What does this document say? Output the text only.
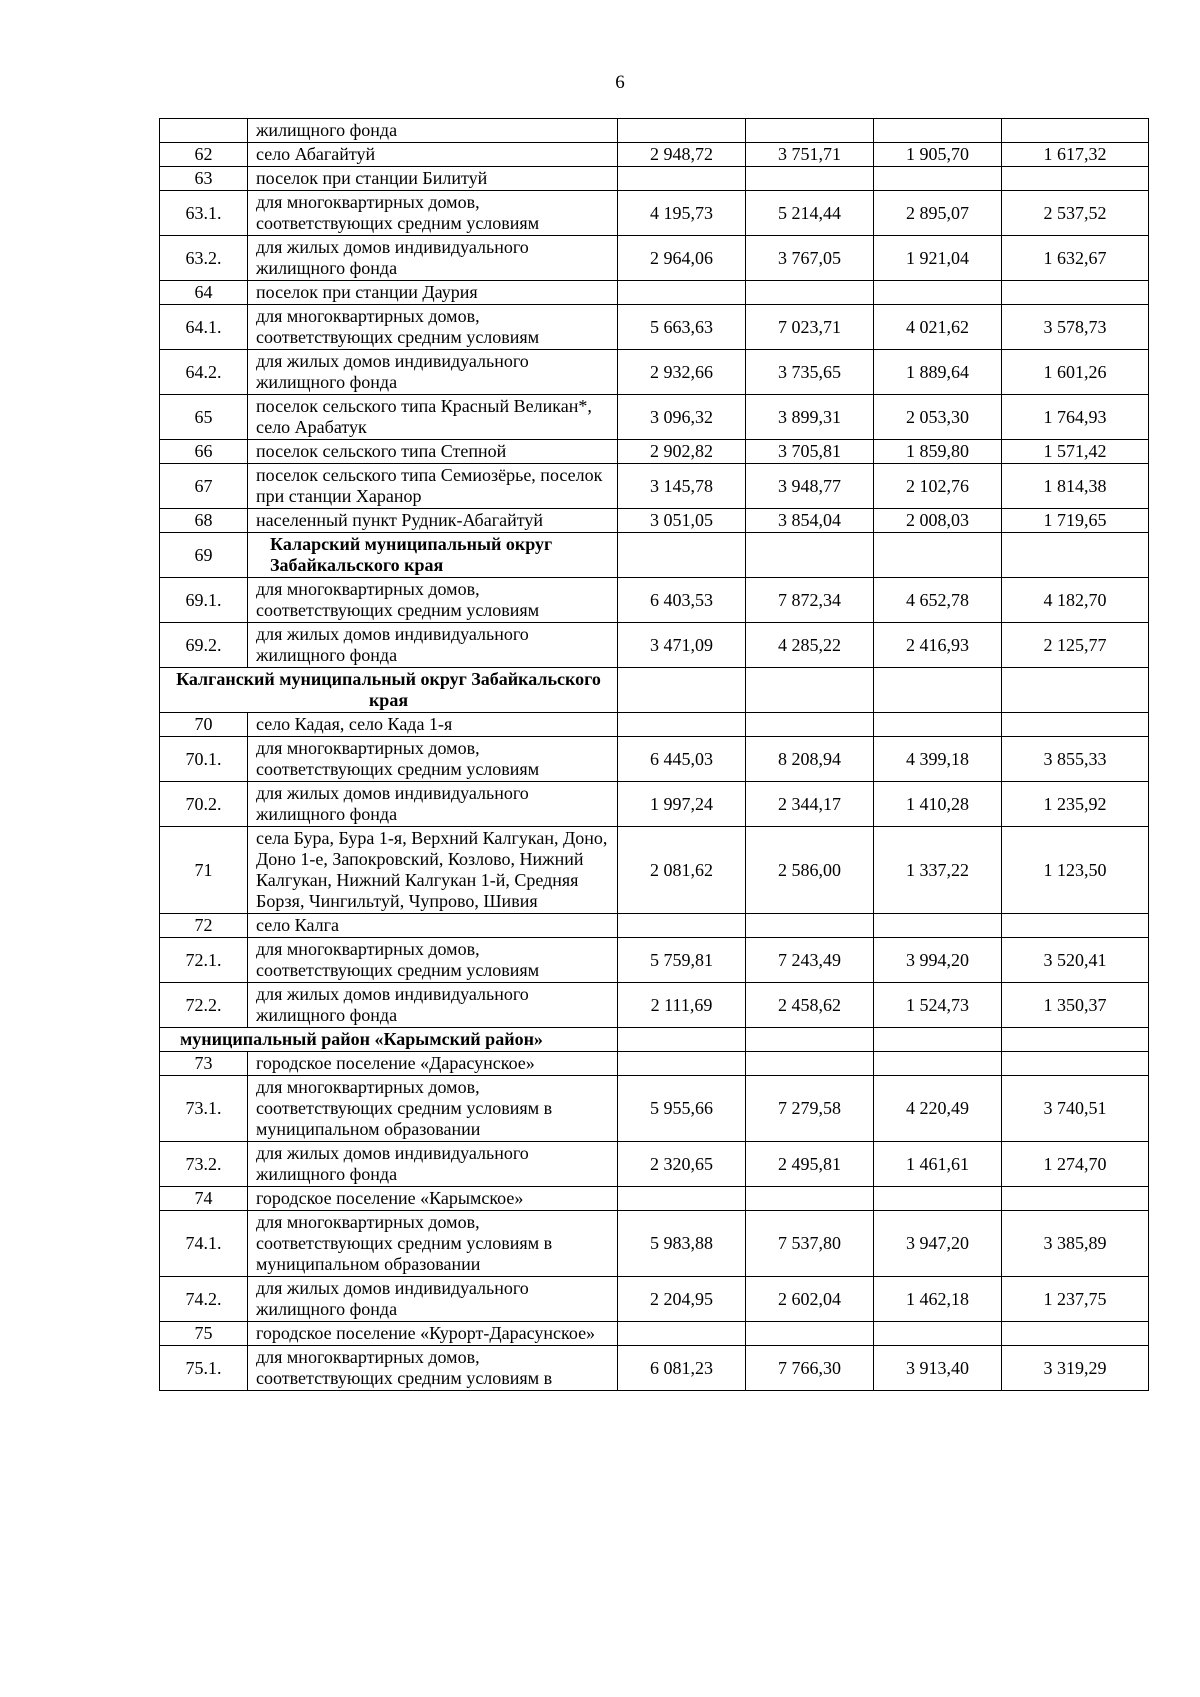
6
	жилищного фонда				
62	село Абагайтуй	2 948,72	3 751,71	1 905,70	1 617,32
63	поселок при станции Билитуй				
63.1.	для многоквартирных домов, соответствующих средним условиям	4 195,73	5 214,44	2 895,07	2 537,52
63.2.	для жилых домов индивидуального жилищного фонда	2 964,06	3 767,05	1 921,04	1 632,67
64	поселок при станции Даурия				
64.1.	для многоквартирных домов, соответствующих средним условиям	5 663,63	7 023,71	4 021,62	3 578,73
64.2.	для жилых домов индивидуального жилищного фонда	2 932,66	3 735,65	1 889,64	1 601,26
65	поселок сельского типа Красный Великан*, село Арабатук	3 096,32	3 899,31	2 053,30	1 764,93
66	поселок сельского типа Степной	2 902,82	3 705,81	1 859,80	1 571,42
67	поселок сельского типа Семиозёрье, поселок при станции Харанор	3 145,78	3 948,77	2 102,76	1 814,38
68	населенный пункт Рудник-Абагайтуй	3 051,05	3 854,04	2 008,03	1 719,65
69	Каларский муниципальный округ Забайкальского края				
69.1.	для многоквартирных домов, соответствующих средним условиям	6 403,53	7 872,34	4 652,78	4 182,70
69.2.	для жилых домов индивидуального жилищного фонда	3 471,09	4 285,22	2 416,93	2 125,77
Калганский муниципальный округ Забайкальского края					
70	село Кадая, село Када 1-я				
70.1.	для многоквартирных домов, соответствующих средним условиям	6 445,03	8 208,94	4 399,18	3 855,33
70.2.	для жилых домов индивидуального жилищного фонда	1 997,24	2 344,17	1 410,28	1 235,92
71	села Бура, Бура 1-я, Верхний Калгукан, Доно, Доно 1-е, Запокровский, Козлово, Нижний Калгукан, Нижний Калгукан 1-й, Средняя Борзя, Чингильтуй, Чупрово, Шивия	2 081,62	2 586,00	1 337,22	1 123,50
72	село Калга				
72.1.	для многоквартирных домов, соответствующих средним условиям	5 759,81	7 243,49	3 994,20	3 520,41
72.2.	для жилых домов индивидуального жилищного фонда	2 111,69	2 458,62	1 524,73	1 350,37
муниципальный район «Карымский район»					
73	городское поселение «Дарасунское»				
73.1.	для многоквартирных домов, соответствующих средним условиям в муниципальном образовании	5 955,66	7 279,58	4 220,49	3 740,51
73.2.	для жилых домов индивидуального жилищного фонда	2 320,65	2 495,81	1 461,61	1 274,70
74	городское поселение «Карымское»				
74.1.	для многоквартирных домов, соответствующих средним условиям в муниципальном образовании	5 983,88	7 537,80	3 947,20	3 385,89
74.2.	для жилых домов индивидуального жилищного фонда	2 204,95	2 602,04	1 462,18	1 237,75
75	городское поселение «Курорт-Дарасунское»				
75.1.	для многоквартирных домов, соответствующих средним условиям в	6 081,23	7 766,30	3 913,40	3 319,29
